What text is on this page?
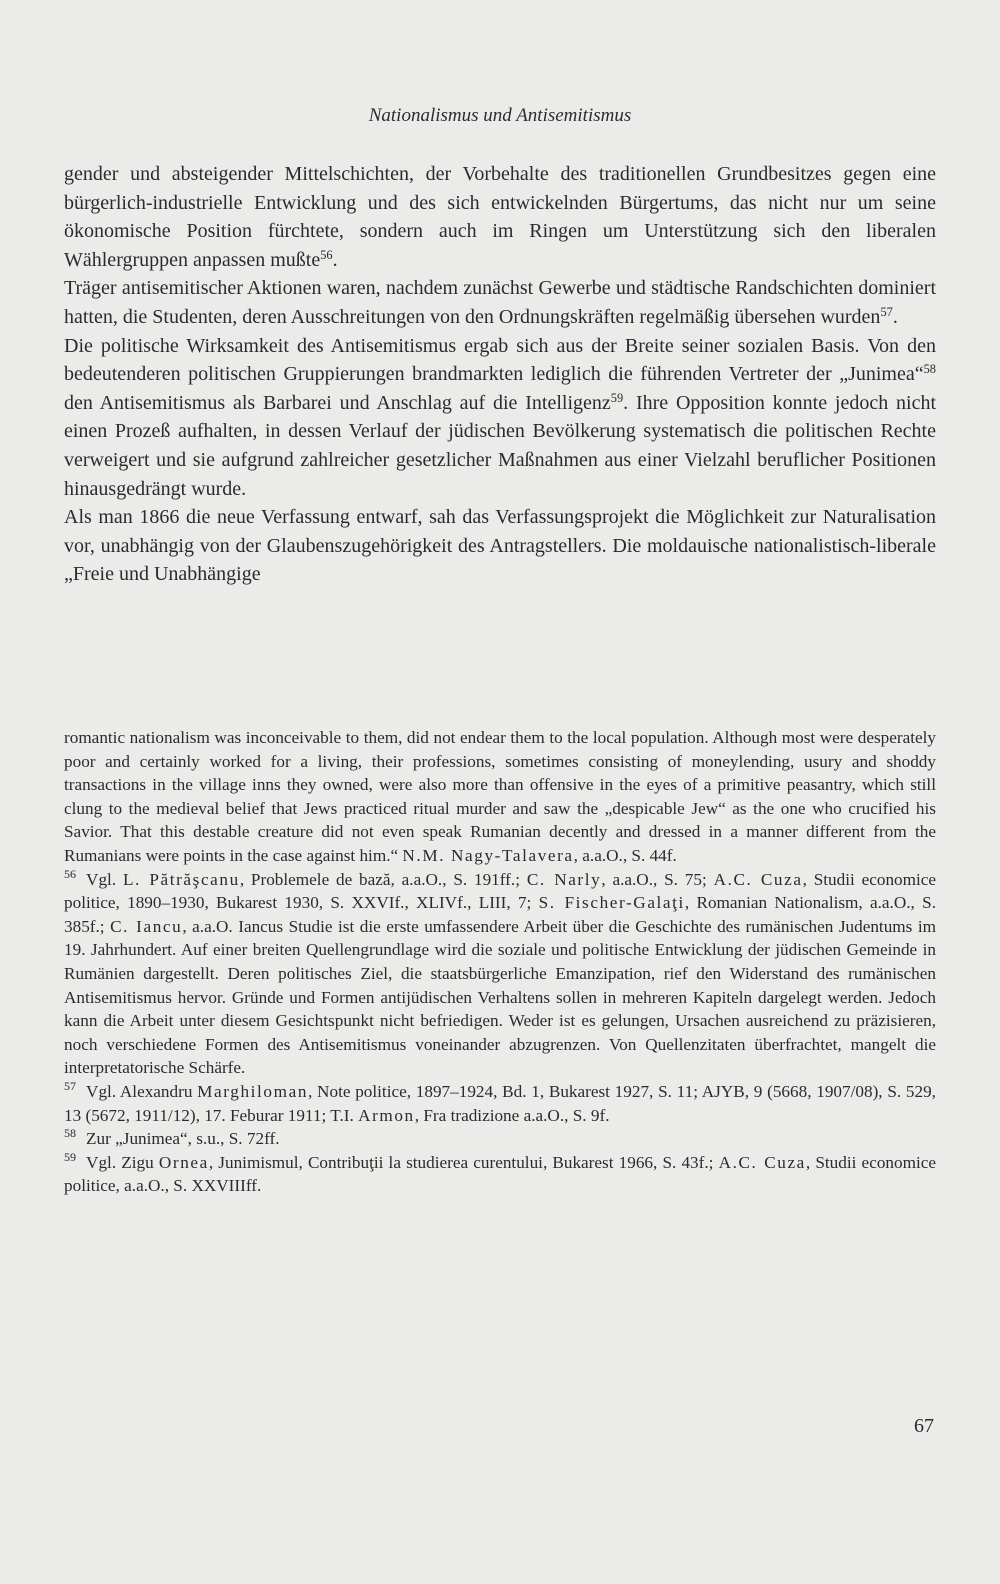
Nationalismus und Antisemitismus

gender und absteigender Mittelschichten, der Vorbehalte des traditionellen Grundbesitzes gegen eine bürgerlich-industrielle Entwicklung und des sich entwickelnden Bürgertums, das nicht nur um seine ökonomische Position fürchtete, sondern auch im Ringen um Unterstützung sich den liberalen Wählergruppen anpassen mußte$^{56}$.

Träger antisemitischer Aktionen waren, nachdem zunächst Gewerbe und städtische Randschichten dominiert hatten, die Studenten, deren Ausschreitungen von den Ordnungskräften regelmäßig übersehen wurden$^{57}$.

Die politische Wirksamkeit des Antisemitismus ergab sich aus der Breite seiner sozialen Basis. Von den bedeutenderen politischen Gruppierungen brandmarkten lediglich die führenden Vertreter der „Junimea“$^{58}$ den Antisemitismus als Barbarei und Anschlag auf die Intelligenz$^{59}$. Ihre Opposition konnte jedoch nicht einen Prozeß aufhalten, in dessen Verlauf der jüdischen Bevölkerung systematisch die politischen Rechte verweigert und sie aufgrund zahlreicher gesetzlicher Maßnahmen aus einer Vielzahl beruflicher Positionen hinausgedrängt wurde.

Als man 1866 die neue Verfassung entwarf, sah das Verfassungsprojekt die Möglichkeit zur Naturalisation vor, unabhängig von der Glaubenszugehörigkeit des Antragstellers. Die moldauische nationalistisch-liberale „Freie und Unabhängige

romantic nationalism was inconceivable to them, did not endear them to the local population. Although most were desperately poor and certainly worked for a living, their professions, sometimes consisting of moneylending, usury and shoddy transactions in the village inns they owned, were also more than offensive in the eyes of a primitive peasantry, which still clung to the medieval belief that Jews practiced ritual murder and saw the „despicable Jew“ as the one who crucified his Savior. That this destable creature did not even speak Rumanian decently and dressed in a manner different from the Rumanians were points in the case against him.“ N.M. Nagy-Talavera, a.a.O., S. 44f.

$^{56}$ Vgl. L. Pătrăşcanu, Problemele de bază, a.a.O., S. 191ff.; C. Narly, a.a.O., S. 75; A.C. Cuza, Studii economice politice, 1890–1930, Bukarest 1930, S. XXVIf., XLIVf., LIII, 7; S. Fischer-Galaţi, Romanian Nationalism, a.a.O., S. 385f.; C. Iancu, a.a.O. Iancus Studie ist die erste umfassendere Arbeit über die Geschichte des rumänischen Judentums im 19. Jahrhundert. Auf einer breiten Quellengrundlage wird die soziale und politische Entwicklung der jüdischen Gemeinde in Rumänien dargestellt. Deren politisches Ziel, die staatsbürgerliche Emanzipation, rief den Widerstand des rumänischen Antisemitismus hervor. Gründe und Formen antijüdischen Verhaltens sollen in mehreren Kapiteln dargelegt werden. Jedoch kann die Arbeit unter diesem Gesichtspunkt nicht befriedigen. Weder ist es gelungen, Ursachen ausreichend zu präzisieren, noch verschiedene Formen des Antisemitismus voneinander abzugrenzen. Von Quellenzitaten überfrachtet, mangelt die interpretatorische Schärfe.

$^{57}$ Vgl. Alexandru Marghiloman, Note politice, 1897–1924, Bd. 1, Bukarest 1927, S. 11; AJYB, 9 (5668, 1907/08), S. 529, 13 (5672, 1911/12), 17. Feburar 1911; T.I. Armon, Fra tradizione a.a.O., S. 9f.

$^{58}$ Zur „Junimea“, s.u., S. 72ff.

$^{59}$ Vgl. Zigu Ornea, Junimismul, Contribuţii la studierea curentului, Bukarest 1966, S. 43f.; A.C. Cuza, Studii economice politice, a.a.O., S. XXVIIIff.

67
